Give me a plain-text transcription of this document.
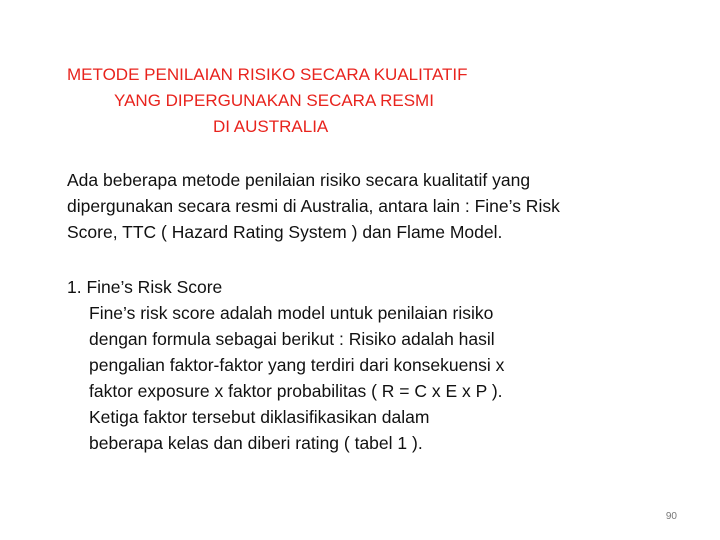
METODE PENILAIAN RISIKO SECARA KUALITATIF
YANG DIPERGUNAKAN SECARA RESMI
DI AUSTRALIA
Ada beberapa metode penilaian risiko secara kualitatif yang
dipergunakan secara resmi di Australia, antara lain : Fine’s Risk
Score, TTC ( Hazard Rating System ) dan Flame Model.
1. Fine’s Risk Score
Fine’s risk score adalah model untuk penilaian risiko
dengan formula sebagai berikut : Risiko adalah hasil
pengalian faktor-faktor yang terdiri dari konsekuensi x
faktor exposure x faktor probabilitas ( R = C x E x P ).
Ketiga faktor tersebut diklasifikasikan dalam
beberapa kelas dan diberi rating ( tabel 1 ).
90
